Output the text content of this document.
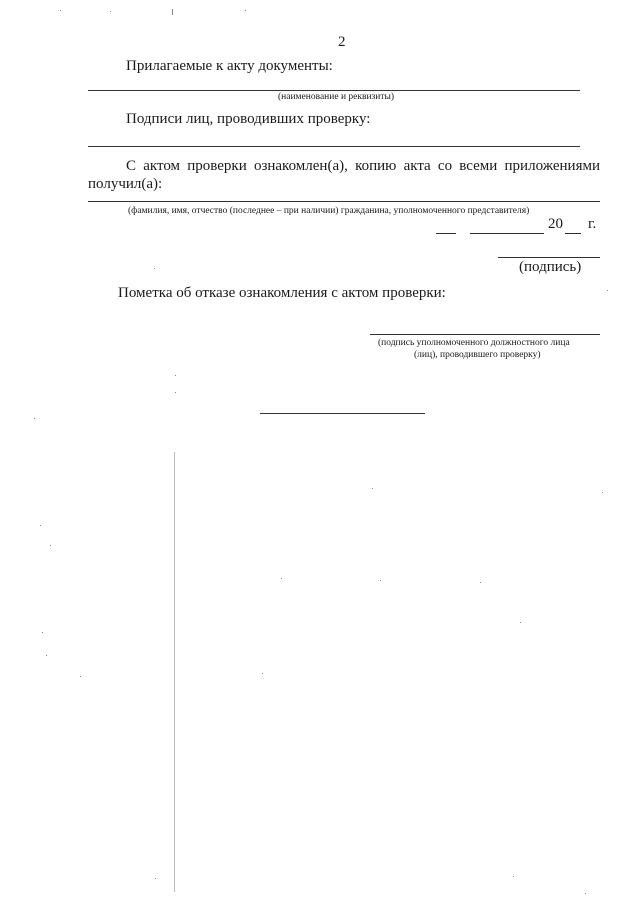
2
Прилагаемые к акту документы:
(наименование и реквизиты)
Подписи лиц, проводивших проверку:
С актом проверки ознакомлен(а), копию акта со всеми приложениями
получил(а):
(фамилия, имя, отчество (последнее – при наличии) гражданина, уполномоченного представителя)
20 г.
(подпись)
Пометка об отказе ознакомления с актом проверки:
(подпись уполномоченного должностного лица
(лиц), проводившего проверку)
